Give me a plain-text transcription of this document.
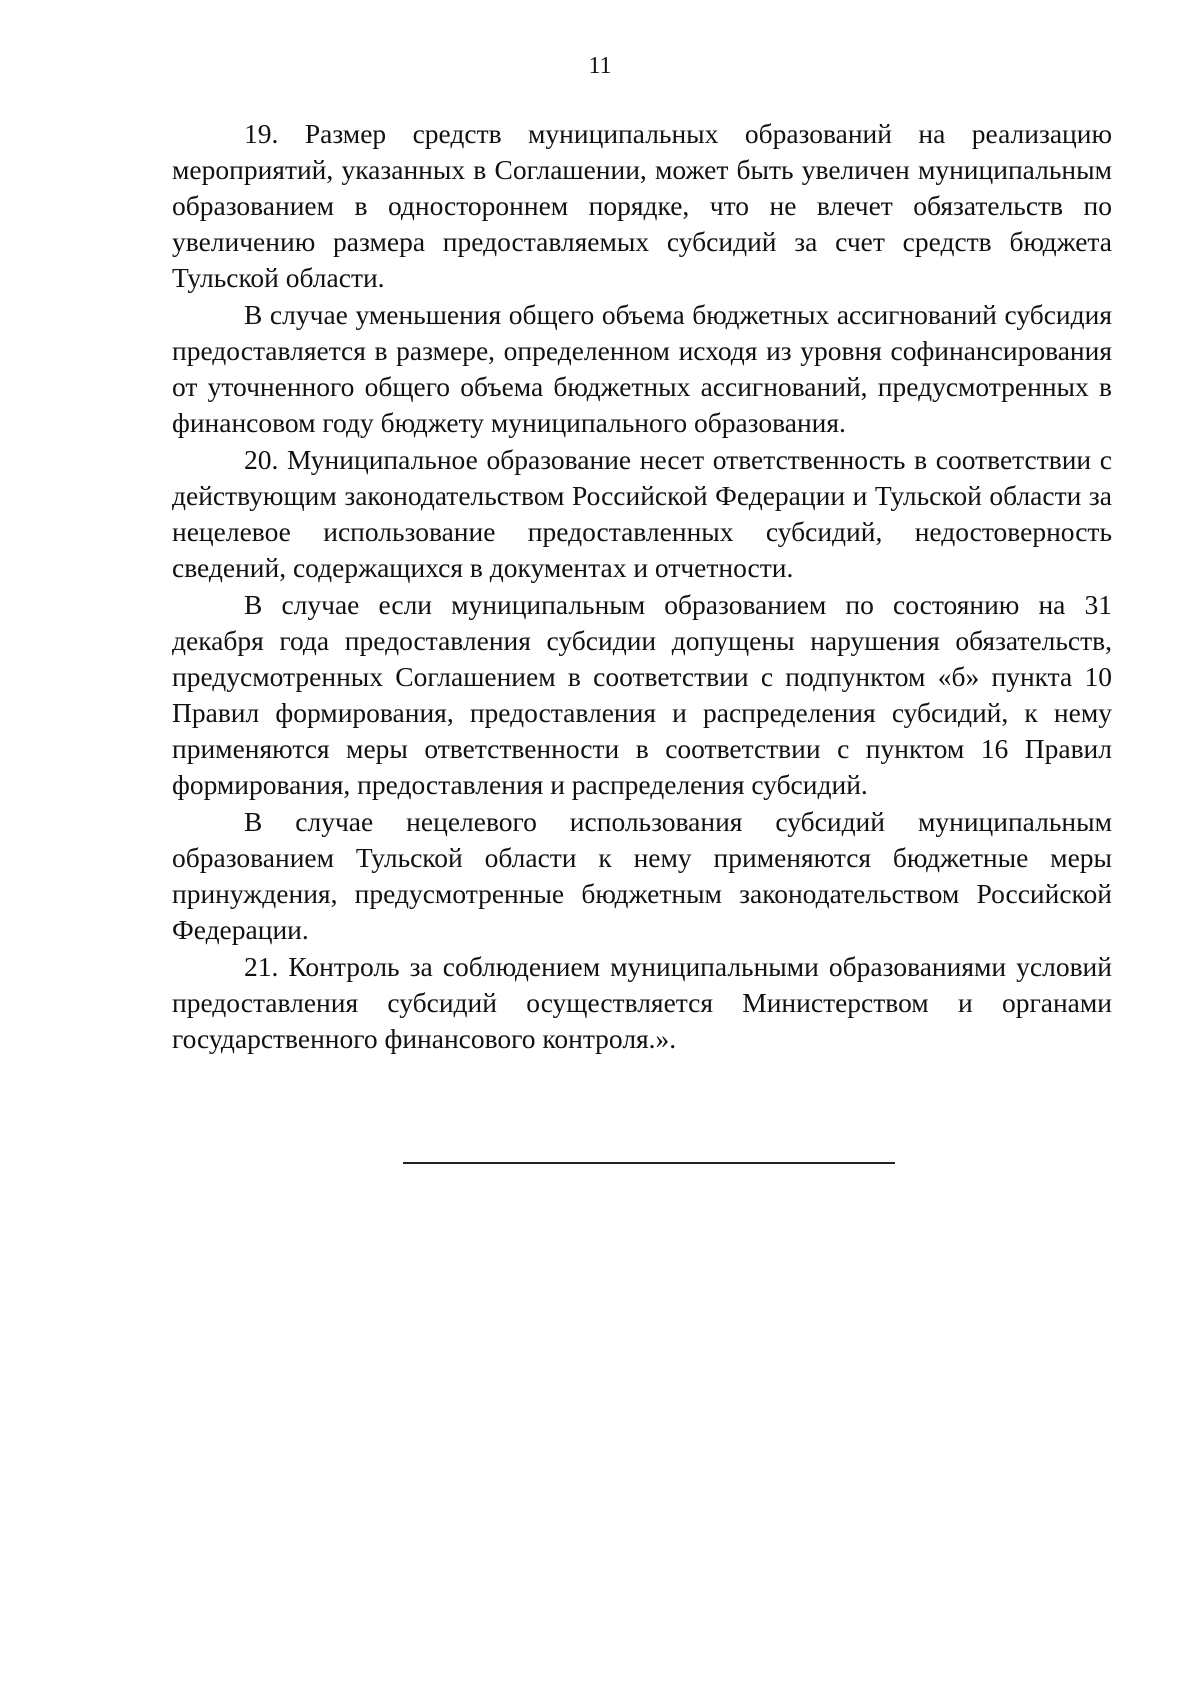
11

19. Размер средств муниципальных образований на реализацию мероприятий, указанных в Соглашении, может быть увеличен муниципальным образованием в одностороннем порядке, что не влечет обязательств по увеличению размера предоставляемых субсидий за счет средств бюджета Тульской области.

В случае уменьшения общего объема бюджетных ассигнований субсидия предоставляется в размере, определенном исходя из уровня софинансирования от уточненного общего объема бюджетных ассигнований, предусмотренных в финансовом году бюджету муниципального образования.

20. Муниципальное образование несет ответственность в соответствии с действующим законодательством Российской Федерации и Тульской области за нецелевое использование предоставленных субсидий, недостоверность сведений, содержащихся в документах и отчетности.

В случае если муниципальным образованием по состоянию на 31 декабря года предоставления субсидии допущены нарушения обязательств, предусмотренных Соглашением в соответствии с подпунктом «б» пункта 10 Правил формирования, предоставления и распределения субсидий, к нему применяются меры ответственности в соответствии с пунктом 16 Правил формирования, предоставления и распределения субсидий.

В случае нецелевого использования субсидий муниципальным образованием Тульской области к нему применяются бюджетные меры принуждения, предусмотренные бюджетным законодательством Российской Федерации.

21. Контроль за соблюдением муниципальными образованиями условий предоставления субсидий осуществляется Министерством и органами государственного финансового контроля.».
